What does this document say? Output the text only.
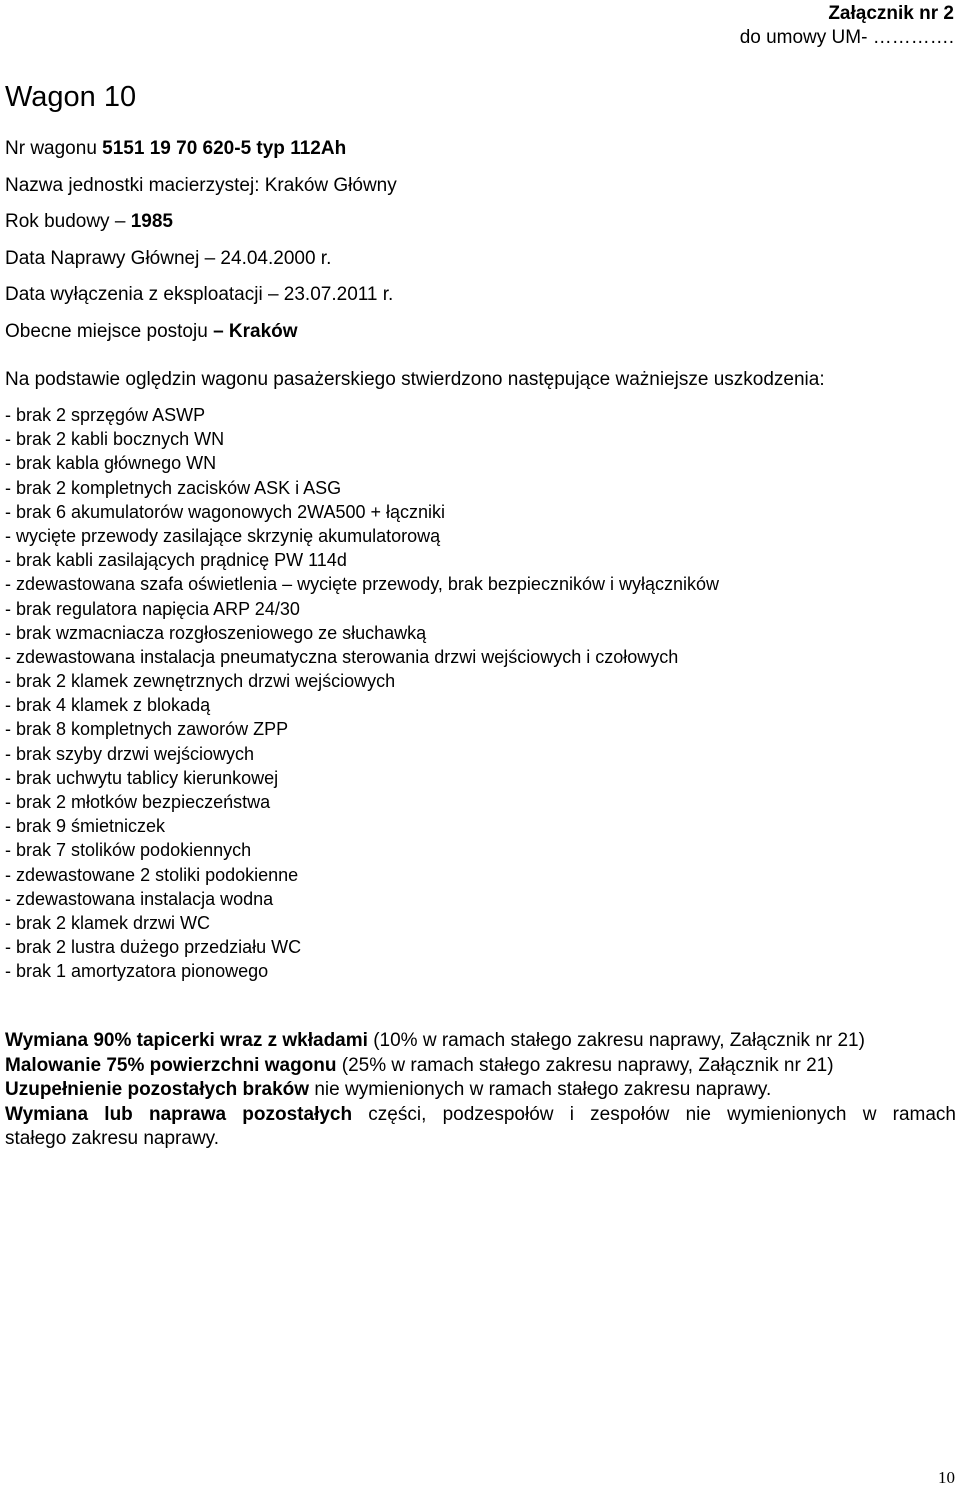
Załącznik nr 2
do umowy UM- ………….
Wagon 10
Nr wagonu 5151 19 70 620-5 typ 112Ah
Nazwa jednostki macierzystej: Kraków Główny
Rok budowy – 1985
Data Naprawy Głównej – 24.04.2000 r.
Data wyłączenia z eksploatacji – 23.07.2011 r.
Obecne miejsce postoju – Kraków
Na podstawie oględzin wagonu pasażerskiego stwierdzono następujące ważniejsze uszkodzenia:
- brak 2 sprzęgów ASWP
- brak 2 kabli bocznych WN
- brak kabla głównego WN
- brak 2 kompletnych zacisków ASK i ASG
- brak 6 akumulatorów wagonowych 2WA500 + łączniki
- wycięte przewody zasilające skrzynię akumulatorową
- brak kabli zasilających prądnicę PW 114d
- zdewastowana szafa oświetlenia – wycięte przewody, brak bezpieczników i wyłączników
- brak regulatora napięcia ARP 24/30
- brak wzmacniacza rozgłoszeniowego ze słuchawką
- zdewastowana instalacja pneumatyczna sterowania drzwi wejściowych i czołowych
- brak 2 klamek zewnętrznych drzwi wejściowych
- brak 4 klamek z blokadą
- brak 8 kompletnych zaworów ZPP
- brak szyby drzwi wejściowych
- brak uchwytu tablicy kierunkowej
- brak 2 młotków bezpieczeństwa
- brak 9 śmietniczek
- brak 7 stolików podokiennych
- zdewastowane 2 stoliki podokienne
- zdewastowana instalacja wodna
- brak 2 klamek drzwi WC
- brak 2 lustra dużego przedziału WC
- brak 1 amortyzatora pionowego
Wymiana 90% tapicerki wraz z wkładami (10% w ramach stałego zakresu naprawy, Załącznik nr 21)
Malowanie 75% powierzchni wagonu (25% w ramach stałego zakresu naprawy, Załącznik nr 21)
Uzupełnienie pozostałych braków nie wymienionych w ramach stałego zakresu naprawy.
Wymiana lub naprawa pozostałych części, podzespołów i zespołów nie wymienionych w ramach
stałego zakresu naprawy.
10
